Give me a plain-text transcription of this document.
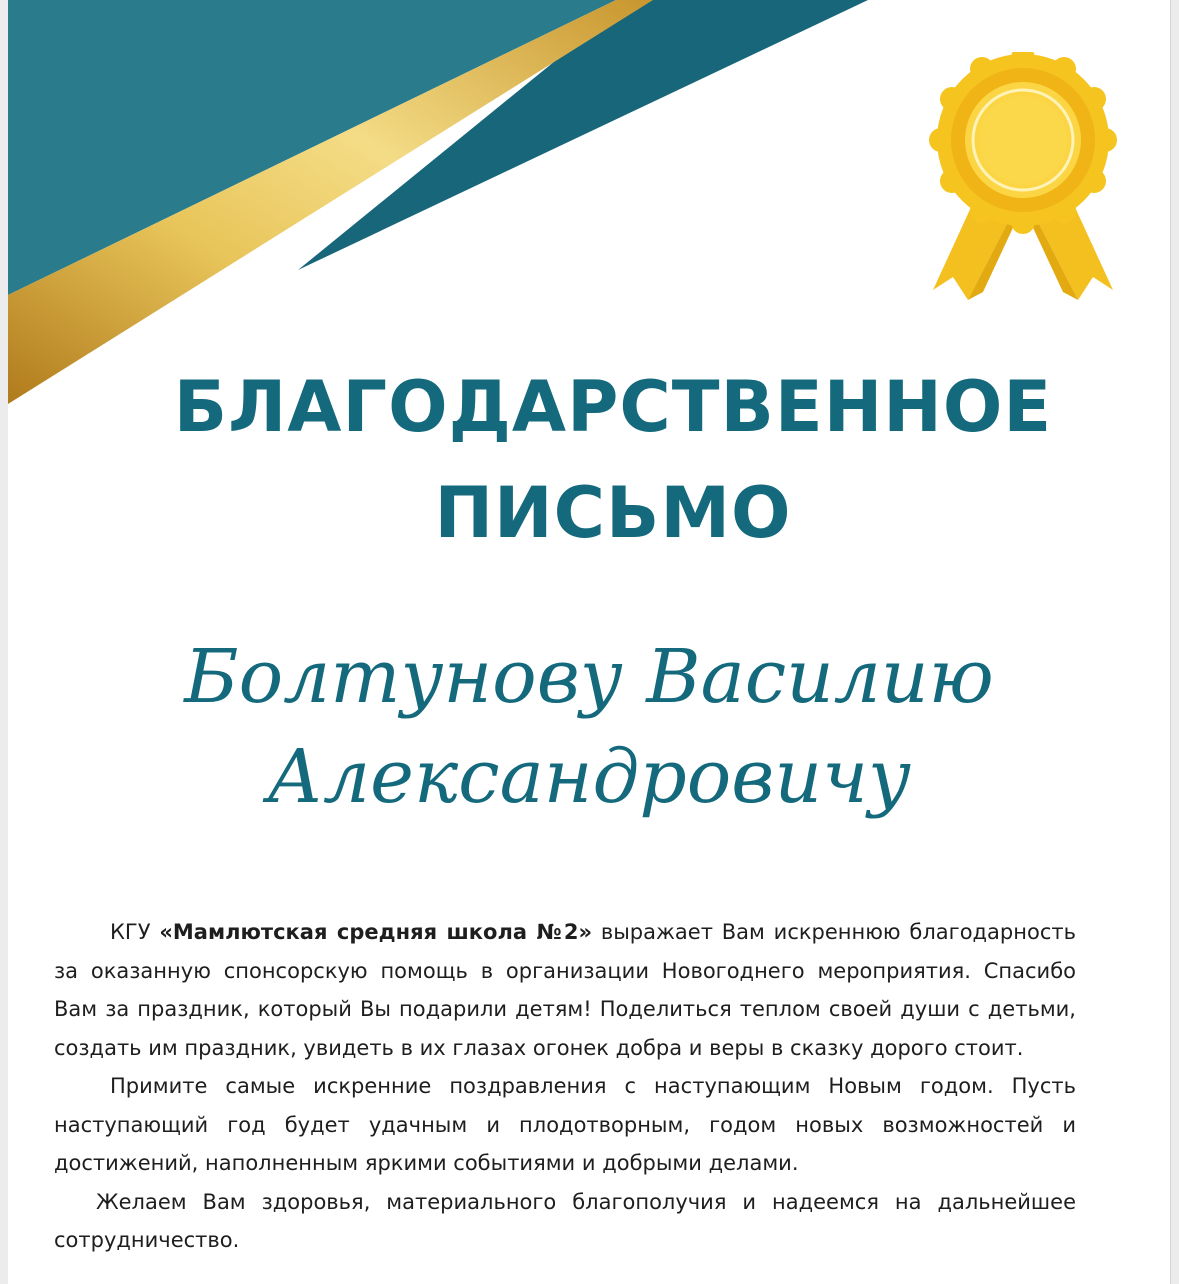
БЛАГОДАРСТВЕННОЕ
ПИСЬМО
Болтунову Василию
Александровичу

КГУ «Мамлютская средняя школа №2» выражает Вам искреннюю благодарность за оказанную спонсорскую помощь в организации Новогоднего мероприятия. Спасибо Вам за праздник, который Вы подарили детям! Поделиться теплом своей души с детьми, создать им праздник, увидеть в их глазах огонек добра и веры в сказку дорого стоит.

Примите самые искренние поздравления с наступающим Новым годом. Пусть наступающий год будет удачным и плодотворным, годом новых возможностей и достижений, наполненным яркими событиями и добрыми делами.

Желаем Вам здоровья, материального благополучия и надеемся на дальнейшее сотрудничество.
